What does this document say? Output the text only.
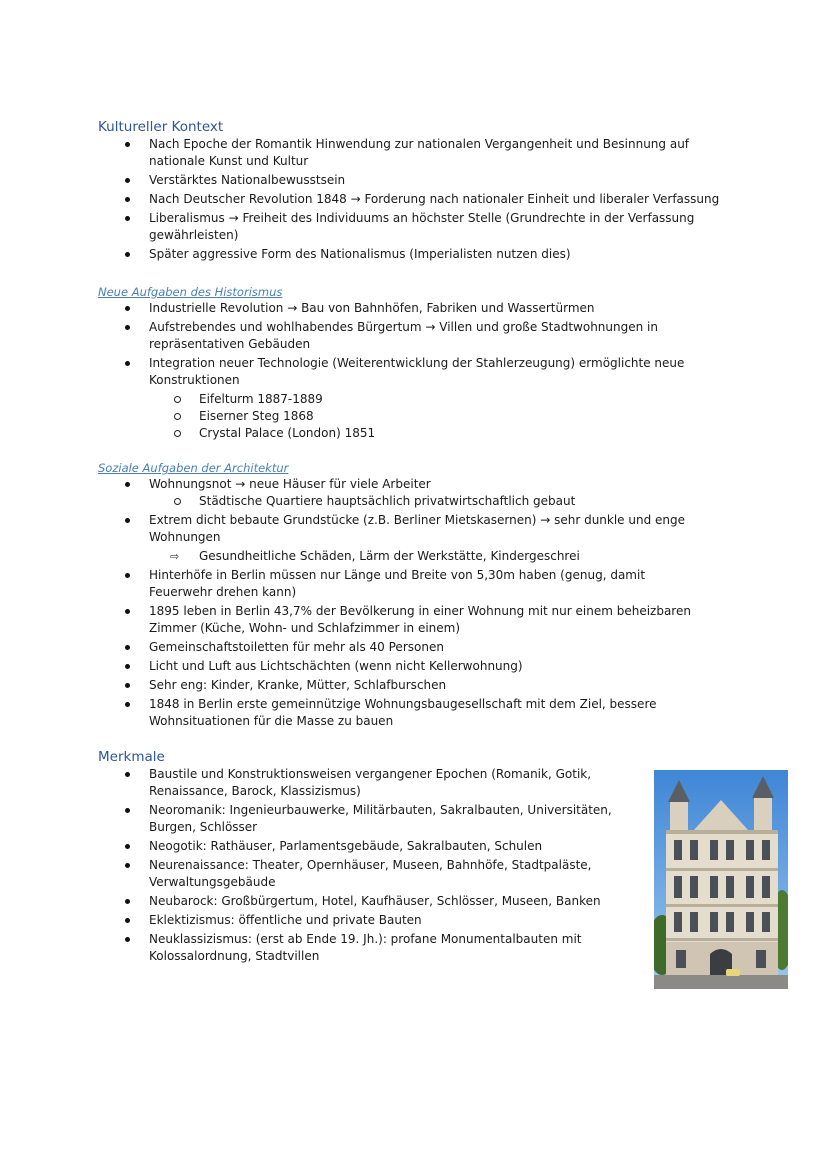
Kultureller Kontext
Nach Epoche der Romantik Hinwendung zur nationalen Vergangenheit und Besinnung auf nationale Kunst und Kultur
Verstärktes Nationalbewusstsein
Nach Deutscher Revolution 1848 → Forderung nach nationaler Einheit und liberaler Verfassung
Liberalismus → Freiheit des Individuums an höchster Stelle (Grundrechte in der Verfassung gewährleisten)
Später aggressive Form des Nationalismus (Imperialisten nutzen dies)
Neue Aufgaben des Historismus
Industrielle Revolution → Bau von Bahnhöfen, Fabriken und Wassertürmen
Aufstrebendes und wohlhabendes Bürgertum → Villen und große Stadtwohnungen in repräsentativen Gebäuden
Integration neuer Technologie (Weiterentwicklung der Stahlerzeugung) ermöglichte neue Konstruktionen
Eifelturm 1887-1889
Eiserner Steg 1868
Crystal Palace (London) 1851
Soziale Aufgaben der Architektur
Wohnungsnot → neue Häuser für viele Arbeiter
Städtische Quartiere hauptsächlich privatwirtschaftlich gebaut
Extrem dicht bebaute Grundstücke (z.B. Berliner Mietskasernen) → sehr dunkle und enge Wohnungen
⇨ Gesundheitliche Schäden, Lärm der Werkstätte, Kindergeschrei
Hinterhöfe in Berlin müssen nur Länge und Breite von 5,30m haben (genug, damit Feuerwehr drehen kann)
1895 leben in Berlin 43,7% der Bevölkerung in einer Wohnung mit nur einem beheizbaren Zimmer (Küche, Wohn- und Schlafzimmer in einem)
Gemeinschaftstoiletten für mehr als 40 Personen
Licht und Luft aus Lichtschächten (wenn nicht Kellerwohnung)
Sehr eng: Kinder, Kranke, Mütter, Schlafburschen
1848 in Berlin erste gemeinnützige Wohnungsbaugesellschaft mit dem Ziel, bessere Wohnsituationen für die Masse zu bauen
Merkmale
Baustile und Konstruktionsweisen vergangener Epochen (Romanik, Gotik, Renaissance, Barock, Klassizismus)
Neoromanik: Ingenieurbauwerke, Militärbauten, Sakralbauten, Universitäten, Burgen, Schlösser
Neogotik: Rathäuser, Parlamentsgebäude, Sakralbauten, Schulen
Neurenaissance: Theater, Opernhäuser, Museen, Bahnhöfe, Stadtpaläste, Verwaltungsgebäude
Neubarock: Großbürgertum, Hotel, Kaufhäuser, Schlösser, Museen, Banken
Eklektizismus: öffentliche und private Bauten
Neuklassizismus: (erst ab Ende 19. Jh.): profane Monumentalbauten mit Kolossalordnung, Stadtvillen
